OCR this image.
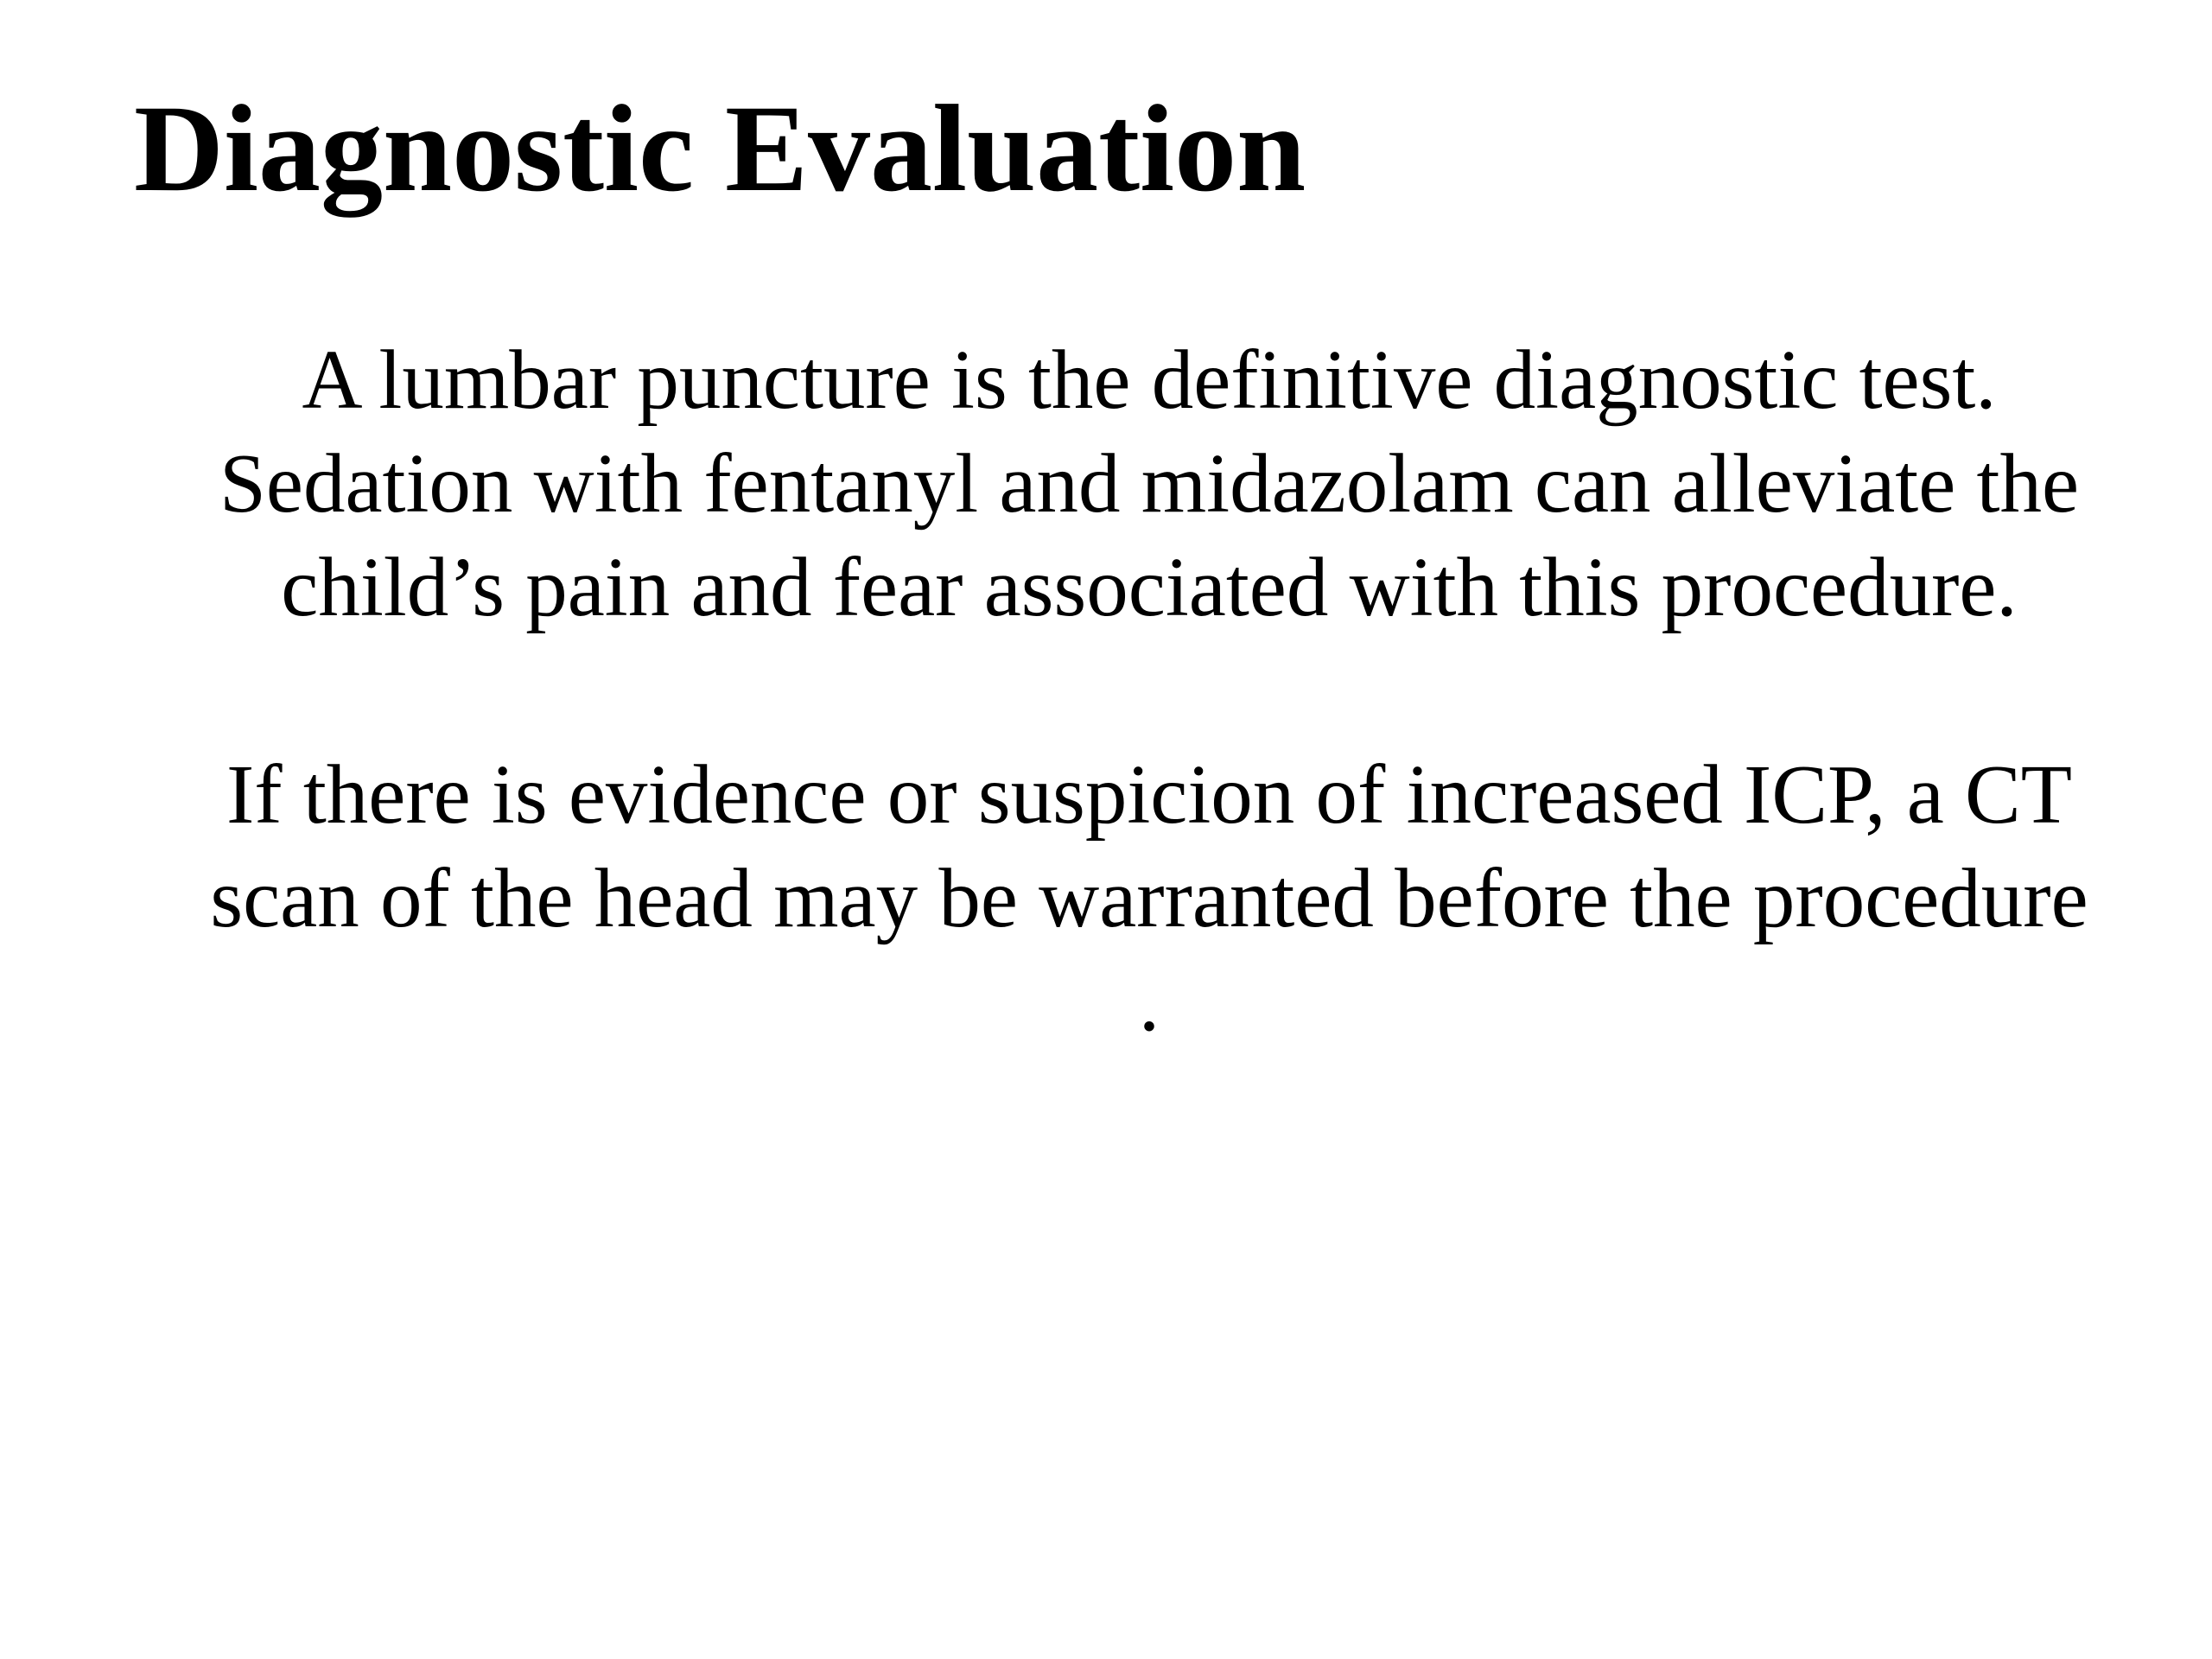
Diagnostic Evaluation
A lumbar puncture is the definitive diagnostic test.
Sedation with fentanyl and midazolam can alleviate the
child’s pain and fear associated with this procedure.
If there is evidence or suspicion of increased ICP, a CT
scan of the head may be warranted before the procedure
.
